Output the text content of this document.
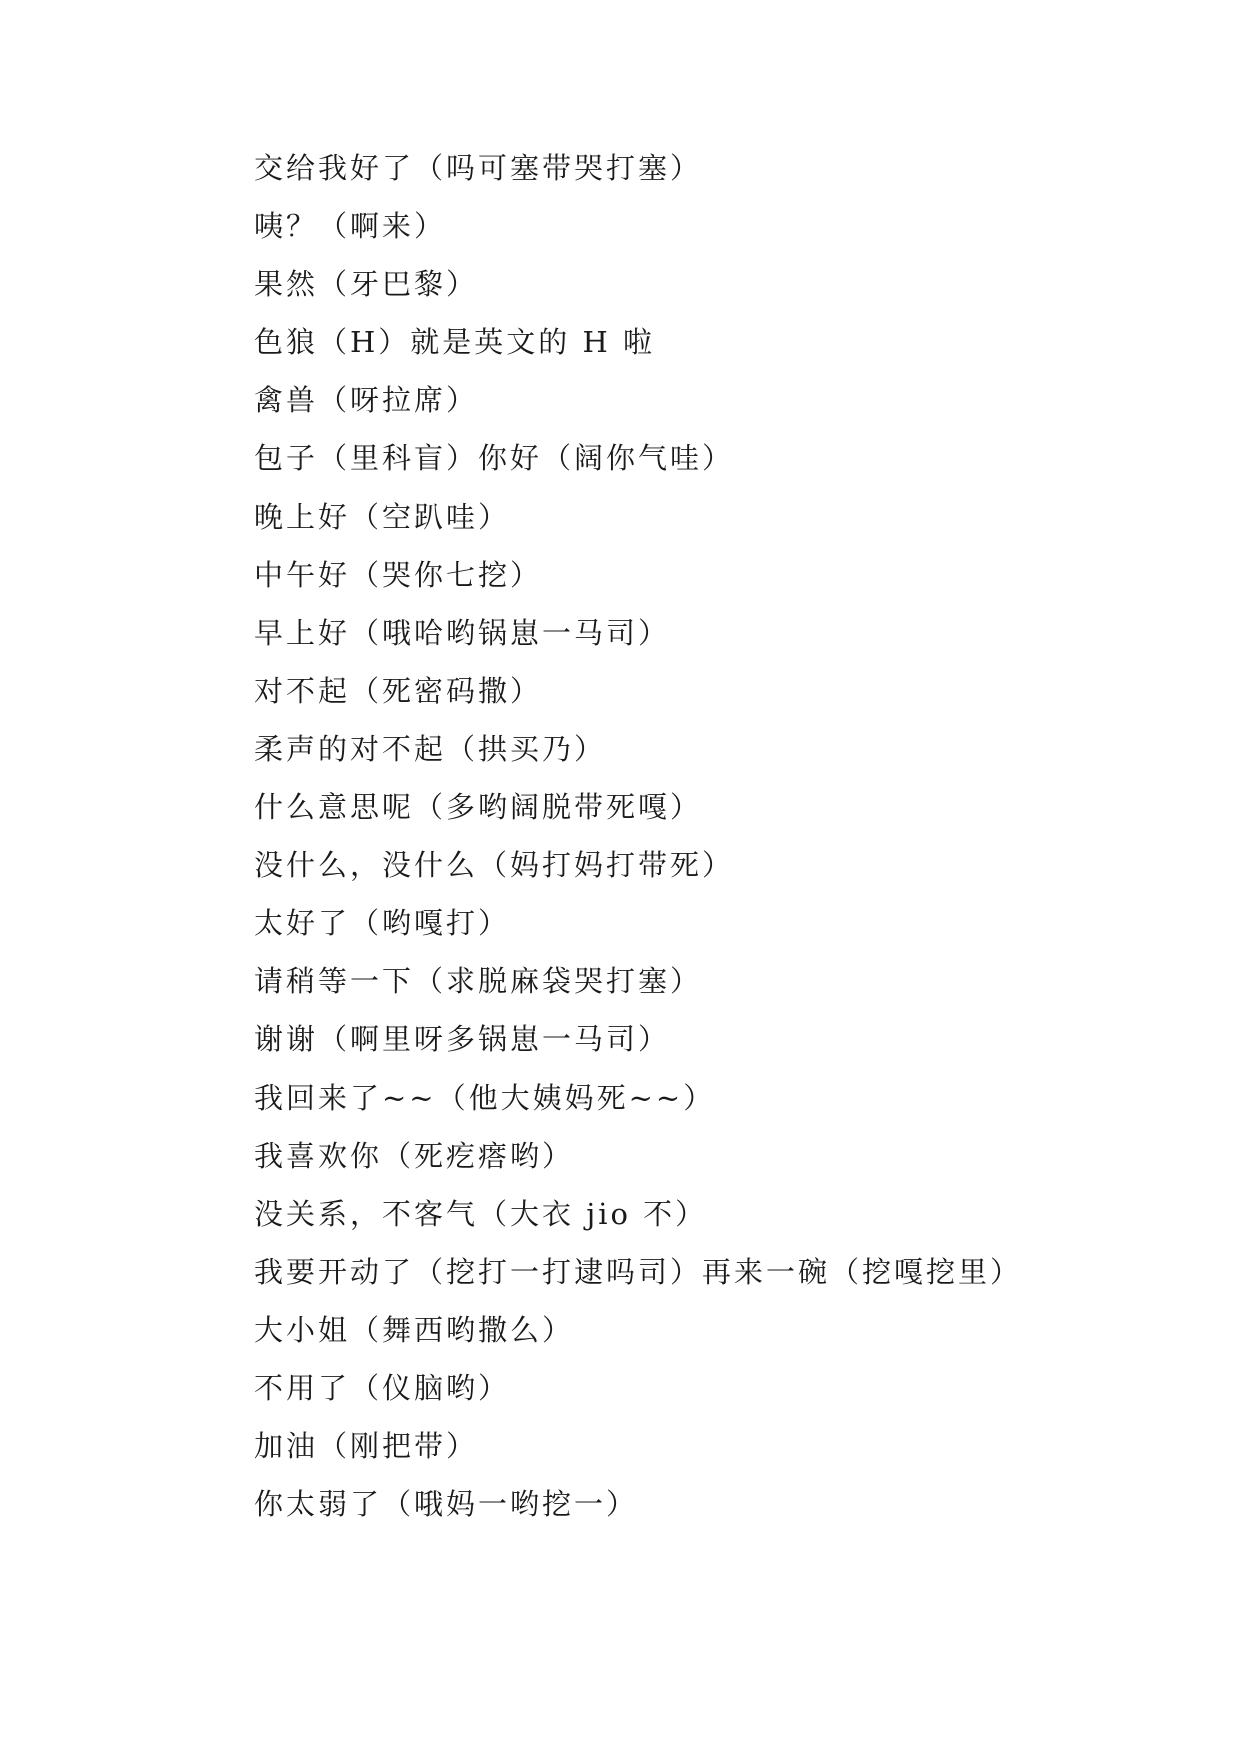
交给我好了（吗可塞带哭打塞）
咦？（啊来）
果然（牙巴黎）
色狼（H）就是英文的 H 啦
禽兽（呀拉席）
包子（里科盲）你好（阔你气哇）
晚上好（空趴哇）
中午好（哭你七挖）
早上好（哦哈哟锅崽一马司）
对不起（死密码撒）
柔声的对不起（拱买乃）
什么意思呢（多哟阔脱带死嘎）
没什么，没什么（妈打妈打带死）
太好了（哟嘎打）
请稍等一下（求脱麻袋哭打塞）
谢谢（啊里呀多锅崽一马司）
我回来了~~（他大姨妈死~~）
我喜欢你（死疙瘩哟）
没关系，不客气（大衣 jio 不）
我要开动了（挖打一打逮吗司）再来一碗（挖嘎挖里）
大小姐（舞西哟撒么）
不用了（仪脑哟）
加油（刚把带）
你太弱了（哦妈一哟挖一）
